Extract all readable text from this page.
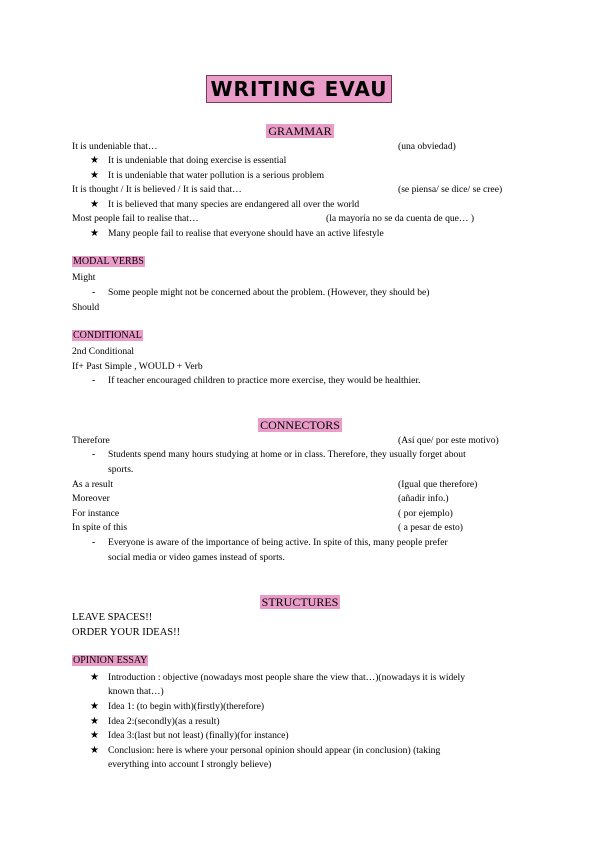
WRITING EVAU
GRAMMAR
It is undeniable that…	(una obviedad)
★ It is undeniable that doing exercise is essential
★ It is undeniable that water pollution is a serious problem
It is thought / It is believed / It is said that…	(se piensa/ se dice/ se cree)
★ It is believed that many species are endangered all over the world
Most people fail to realise that…	(la mayoría no se da cuenta de que… )
★ Many people fail to realise that everyone should have an active lifestyle
MODAL VERBS
Might
- Some people might not be concerned about the problem. (However, they should be)
Should
CONDITIONAL
2nd Conditional
If+ Past Simple , WOULD + Verb
- If teacher encouraged children to practice more exercise, they would be healthier.
CONNECTORS
Therefore	(Así que/ por este motivo)
- Students spend many hours studying at home or in class. Therefore, they usually forget about
sports.
As a result	(Igual que therefore)
Moreover	(añadir info.)
For instance	( por ejemplo)
In spite of this	( a pesar de esto)
- Everyone is aware of the importance of being active. In spite of this, many people prefer
social media or video games instead of sports.
STRUCTURES
LEAVE SPACES!!
ORDER YOUR IDEAS!!
OPINION ESSAY
★ Introduction : objective (nowadays most people share the view that…)(nowadays it is widely
known that…)
★ Idea 1: (to begin with)(firstly)(therefore)
★ Idea 2:(secondly)(as a result)
★ Idea 3:(last but not least) (finally)(for instance)
★ Conclusion: here is where your personal opinion should appear (in conclusion) (taking
everything into account I strongly believe)
